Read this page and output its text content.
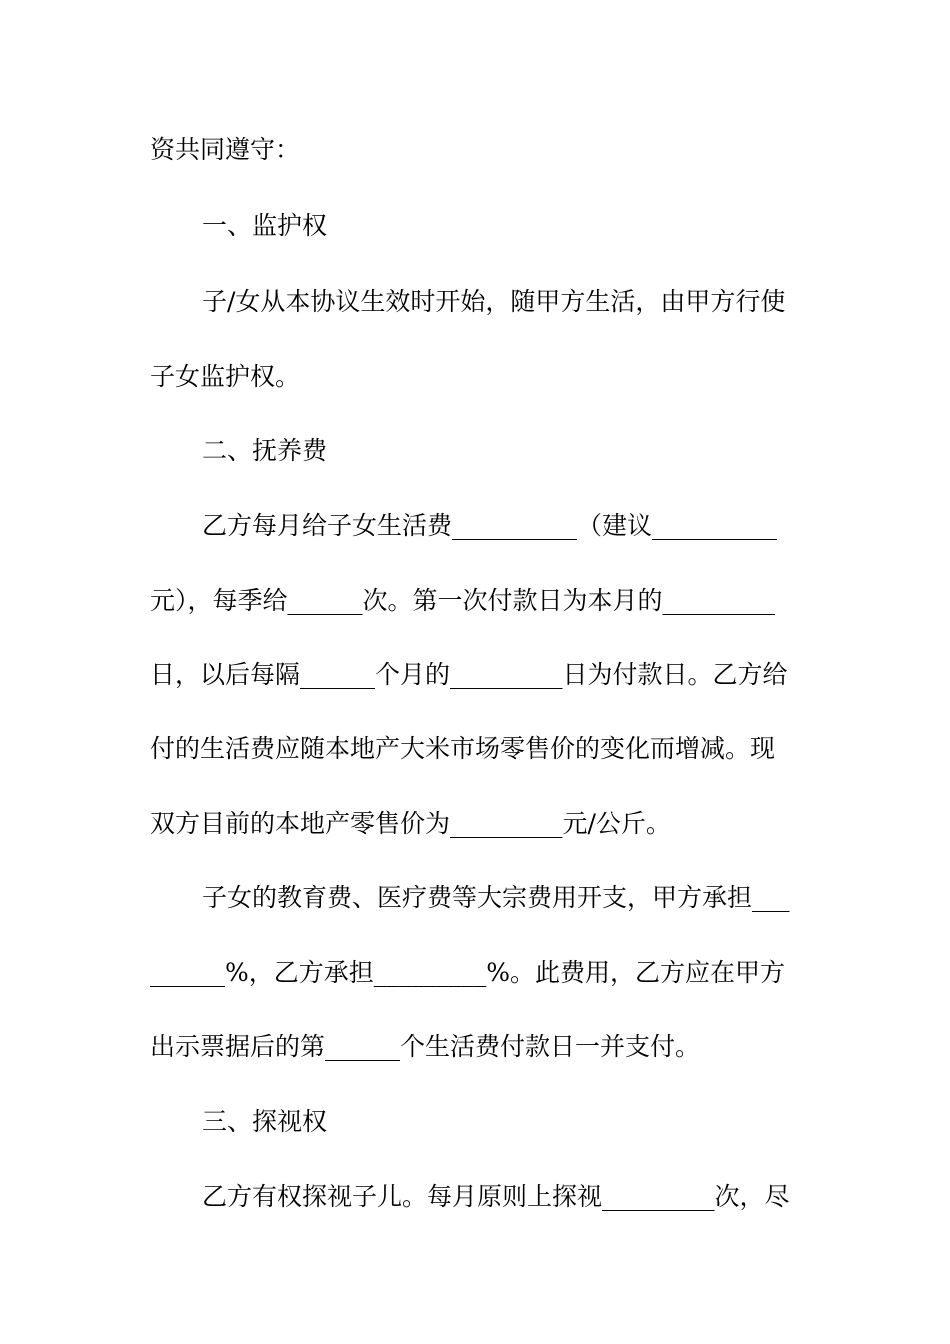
资共同遵守：
一、监护权
子/女从本协议生效时开始，随甲方生活，由甲方行使
子女监护权。
二、抚养费
乙方每月给子女生活费__________（建议__________
元），每季给______次。第一次付款日为本月的_________
日，以后每隔______个月的_________日为付款日。乙方给
付的生活费应随本地产大米市场零售价的变化而增减。现
双方目前的本地产零售价为_________元/公斤。
子女的教育费、医疗费等大宗费用开支，甲方承担___
______%，乙方承担_________%。此费用，乙方应在甲方
出示票据后的第______个生活费付款日一并支付。
三、探视权
乙方有权探视子儿。每月原则上探视_________次，尽
